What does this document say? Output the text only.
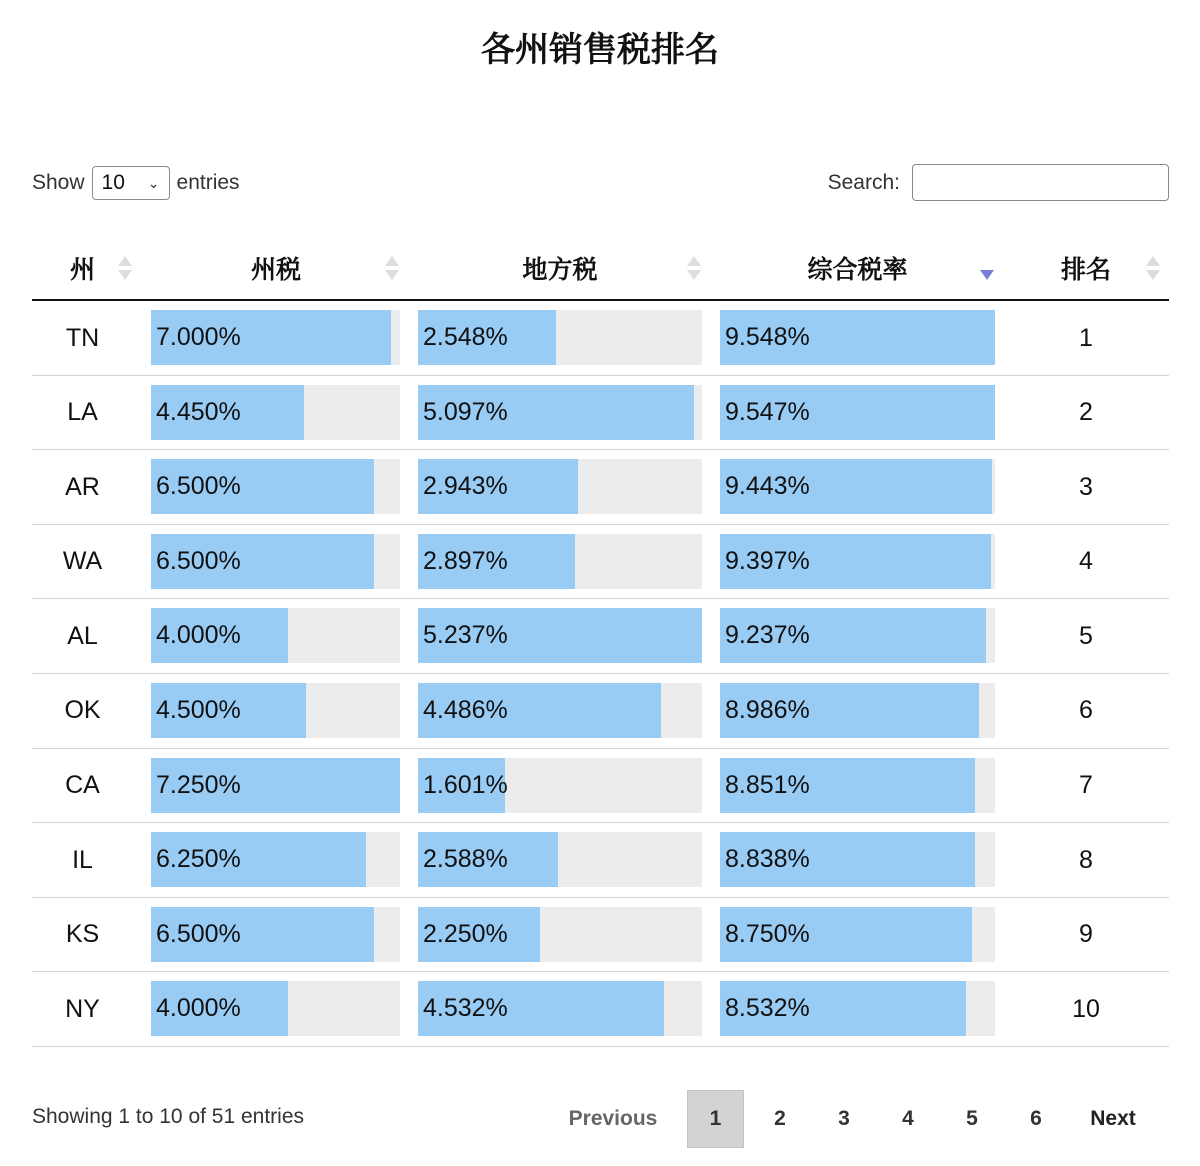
各州销售税排名
Show 10 ⌄ entries	Search:
州	州税	地方税	综合税率	排名
TN	7.000%	2.548%	9.548%	1
LA	4.450%	5.097%	9.547%	2
AR	6.500%	2.943%	9.443%	3
WA	6.500%	2.897%	9.397%	4
AL	4.000%	5.237%	9.237%	5
OK	4.500%	4.486%	8.986%	6
CA	7.250%	1.601%	8.851%	7
IL	6.250%	2.588%	8.838%	8
KS	6.500%	2.250%	8.750%	9
NY	4.000%	4.532%	8.532%	10
Showing 1 to 10 of 51 entries	Previous	1	2	3	4	5	6	Next
